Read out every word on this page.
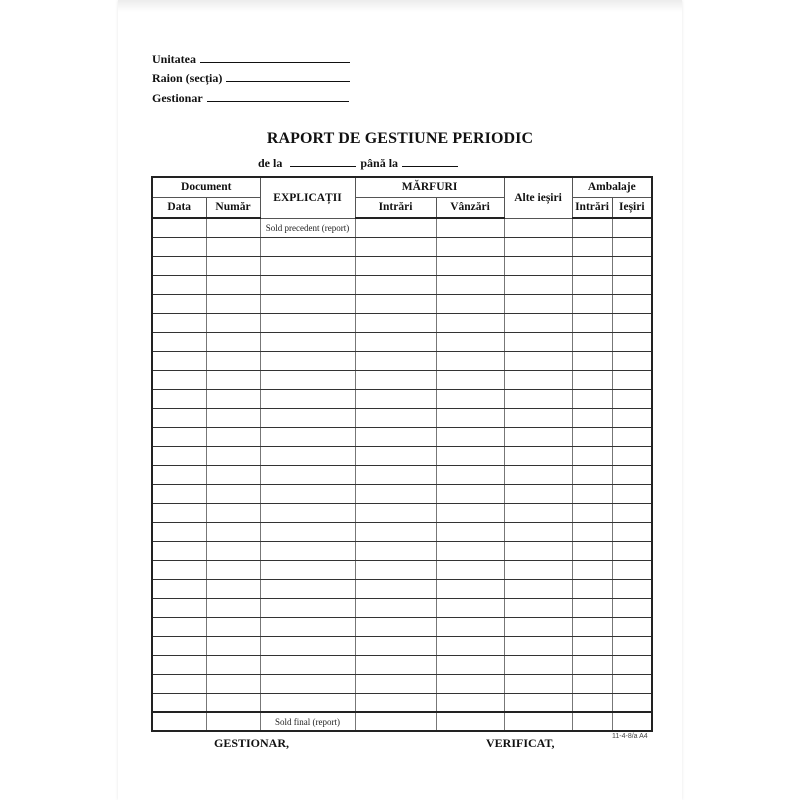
Unitatea
Raion (secția)
Gestionar
RAPORT DE GESTIUNE PERIODIC
de la	până la
Document		EXPLICAȚII	MĂRFURI		Alte ieșiri	Ambalaje	
Data	Număr		Intrări	Vânzări		Intrări	Ieșiri
		Sold precedent (report)					

		Sold final (report)					
GESTIONAR,	VERIFICAT,	11-4-8/a A4
